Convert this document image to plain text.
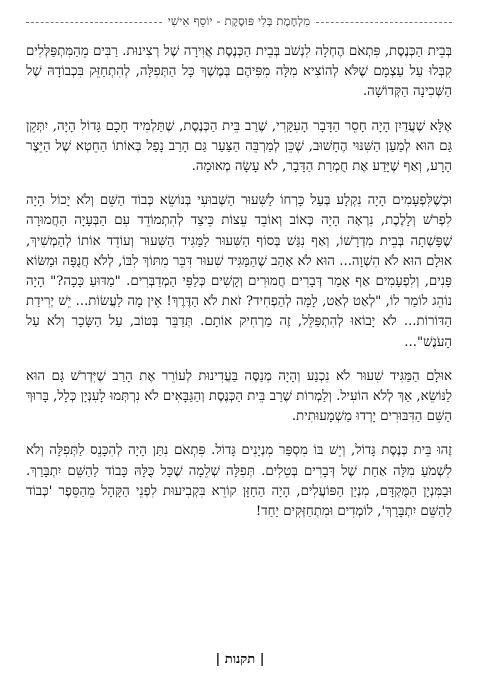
מִלְחֶמֶת בְּלִי פּוּסֶקֶת - יוֹסֵף אִישִׁי

בְּבֵית הַכְּנֶסֶת, פִּתְאֹם הֶחְלָה לִנְשֹׁב בְּבֵית הַכְּנֶסֶת אֲוִירָה שֶׁל רְצִינוּת. רַבִּים מֵהַמִּתְפַּלְּלִים קִבְּלוּ עַל עַצְמָם שֶׁלֹּא לְהוֹצִיא מִלָּה מִפִּיהֶם בְּמֶשֶׁךְ כָּל הַתְּפִלָּה, לְהִתְחַזֵּק בִּכְבוֹדָהּ שֶׁל הַשְּׁכִינָה הַקְּדוֹשָׁה.

אֶלָּא שֶׁעֲדַיִן הָיָה חָסֵר הַדָּבָר הָעִקָּרִי, שֶׁרַב בֵּית הַכְּנֶסֶת, שֶׁתַּלְמִיד חָכָם גָּדוֹל הָיָה, יִתְּקֵן גַּם הוּא לְמַעַן הַשִּׁנּוּי הֶחָשׁוּב, שֶׁכֵּן לְמַרְבֵּה הַצַּעַר גַּם הָרַב נָפַל בְּאוֹתוֹ הַחֵטְא שֶׁל הַיֵּצֶר הָרָע, וְאַף שֶׁיָּדַע אֶת חֻמְרַת הַדָּבָר, לֹא עָשָׂה מְאוּמָה.

וּכְשֶׁלִּפְעָמִים הָיָה נִקְלָע בְּעַל כָּרְחוֹ לַשִּׁעוּר הַשְּׁבוּעִי בְּנוֹשֵׂא כְּבוֹד הַשֵּׁם וְלֹא יָכוֹל הָיָה לִפְרֹשׁ וְלָלֶכֶת, נִרְאָה הָיָה כְּאוֹב וְאוֹבֵד עֵצוֹת כֵּיצַד לְהִתְמוֹדֵד עִם הַבְּעָיָה הַחֲמוּרָה שֶׁפָּשְׁתָה בְּבֵית מִדְרָשׁוֹ, וְאַף נִגַּשׁ בְּסוֹף הַשִּׁעוּר לַמַּגִּיד הַשִּׁעוּר וְעוֹדֵד אוֹתוֹ לְהַמְשִׁיךְ, אוּלָם הוּא לֹא הִשְׁוָה... הוּא לֹא אָהַב שֶׁהַמַּגִּיד שִׁעוּר דִּבֵּר מִתּוֹךְ לִבּוֹ, לְלֹא חֲנֻפָּה וּמַשּׂוֹא פָּנִים, וְלִפְעָמִים אַף אָמַר דְּבָרִים חֲמוּרִים וְקָשִׁים כְּלַפֵּי הַמְדַבְּרִים. "מַדּוּעַ כָּכָה?" הָיָה נוֹהֵג לוֹמַר לוֹ, "לְאַט לְאַט, לָמָּה לְהַפְחִיד? זֹאת לֹא הַדֶּרֶךְ! אֵין מָה לַעֲשׂוֹת... יֵשׁ יְרִידַת הַדּוֹרוֹת... לֹא יָבוֹאוּ לְהִתְפַּלֵּל, זֶה מַרְחִיק אוֹתָם. תְּדַבֵּר בְּטוֹב, עַל הַשָּׂכָר וְלֹא עַל הָעֹנֶשׁ"...

אוּלָם הַמַּגִּיד שִׁעוּר לֹא נִכְנַע וְהָיָה מְנַסֶּה בַּעֲדִינוּת לְעוֹרֵר אֶת הָרַב שֶׁיִּדְרֹשׁ גַּם הוּא לַנּוֹשֵׂא, אַךְ לְלֹא הוֹעִיל. וְלַמְרוֹת שֶׁרַב בֵּית הַכְּנֶסֶת וְהַגַּבָּאִים לֹא נִרְתְּמוּ לָעִנְיָן כְּלָל, בָּרוּךְ הַשֵּׁם הַדִּבּוּרִים יָרְדוּ מַשְׁמָעוּתִית.

זֶהוּ בֵּית כְּנֶסֶת גָּדוֹל, וְיֵשׁ בּוֹ מִסְפַּר מִנְיָנִים גָּדוֹל. פִּתְאֹם נִתַּן הָיָה לְהִכָּנֵס לַתְּפִלָּה וְלֹא לִשְׁמֹעַ מִלָּה אַחַת שֶׁל דְּבָרִים בְּטֵלִים. תְּפִלָּה שְׁלֵמָה שֶׁכָּל כֻּלָּהּ כָּבוֹד לַהַשֵּׁם יִתְבָּרַךְ. וּבַמִּנְיָן הַמֻּקְדָּם, מִנְיַן הַפּוֹעֲלִים, הָיָה הַחַזָּן קוֹרֵא בִּקְבִיעוּת לִפְנֵי הַקָּהָל מֵהַסֵּפֶר 'כְּבוֹד לַהַשֵּׁם יִתְבָּרַךְ', לוֹמְדִים וּמִתְחַזְּקִים יַחַד!

| תקנות |
